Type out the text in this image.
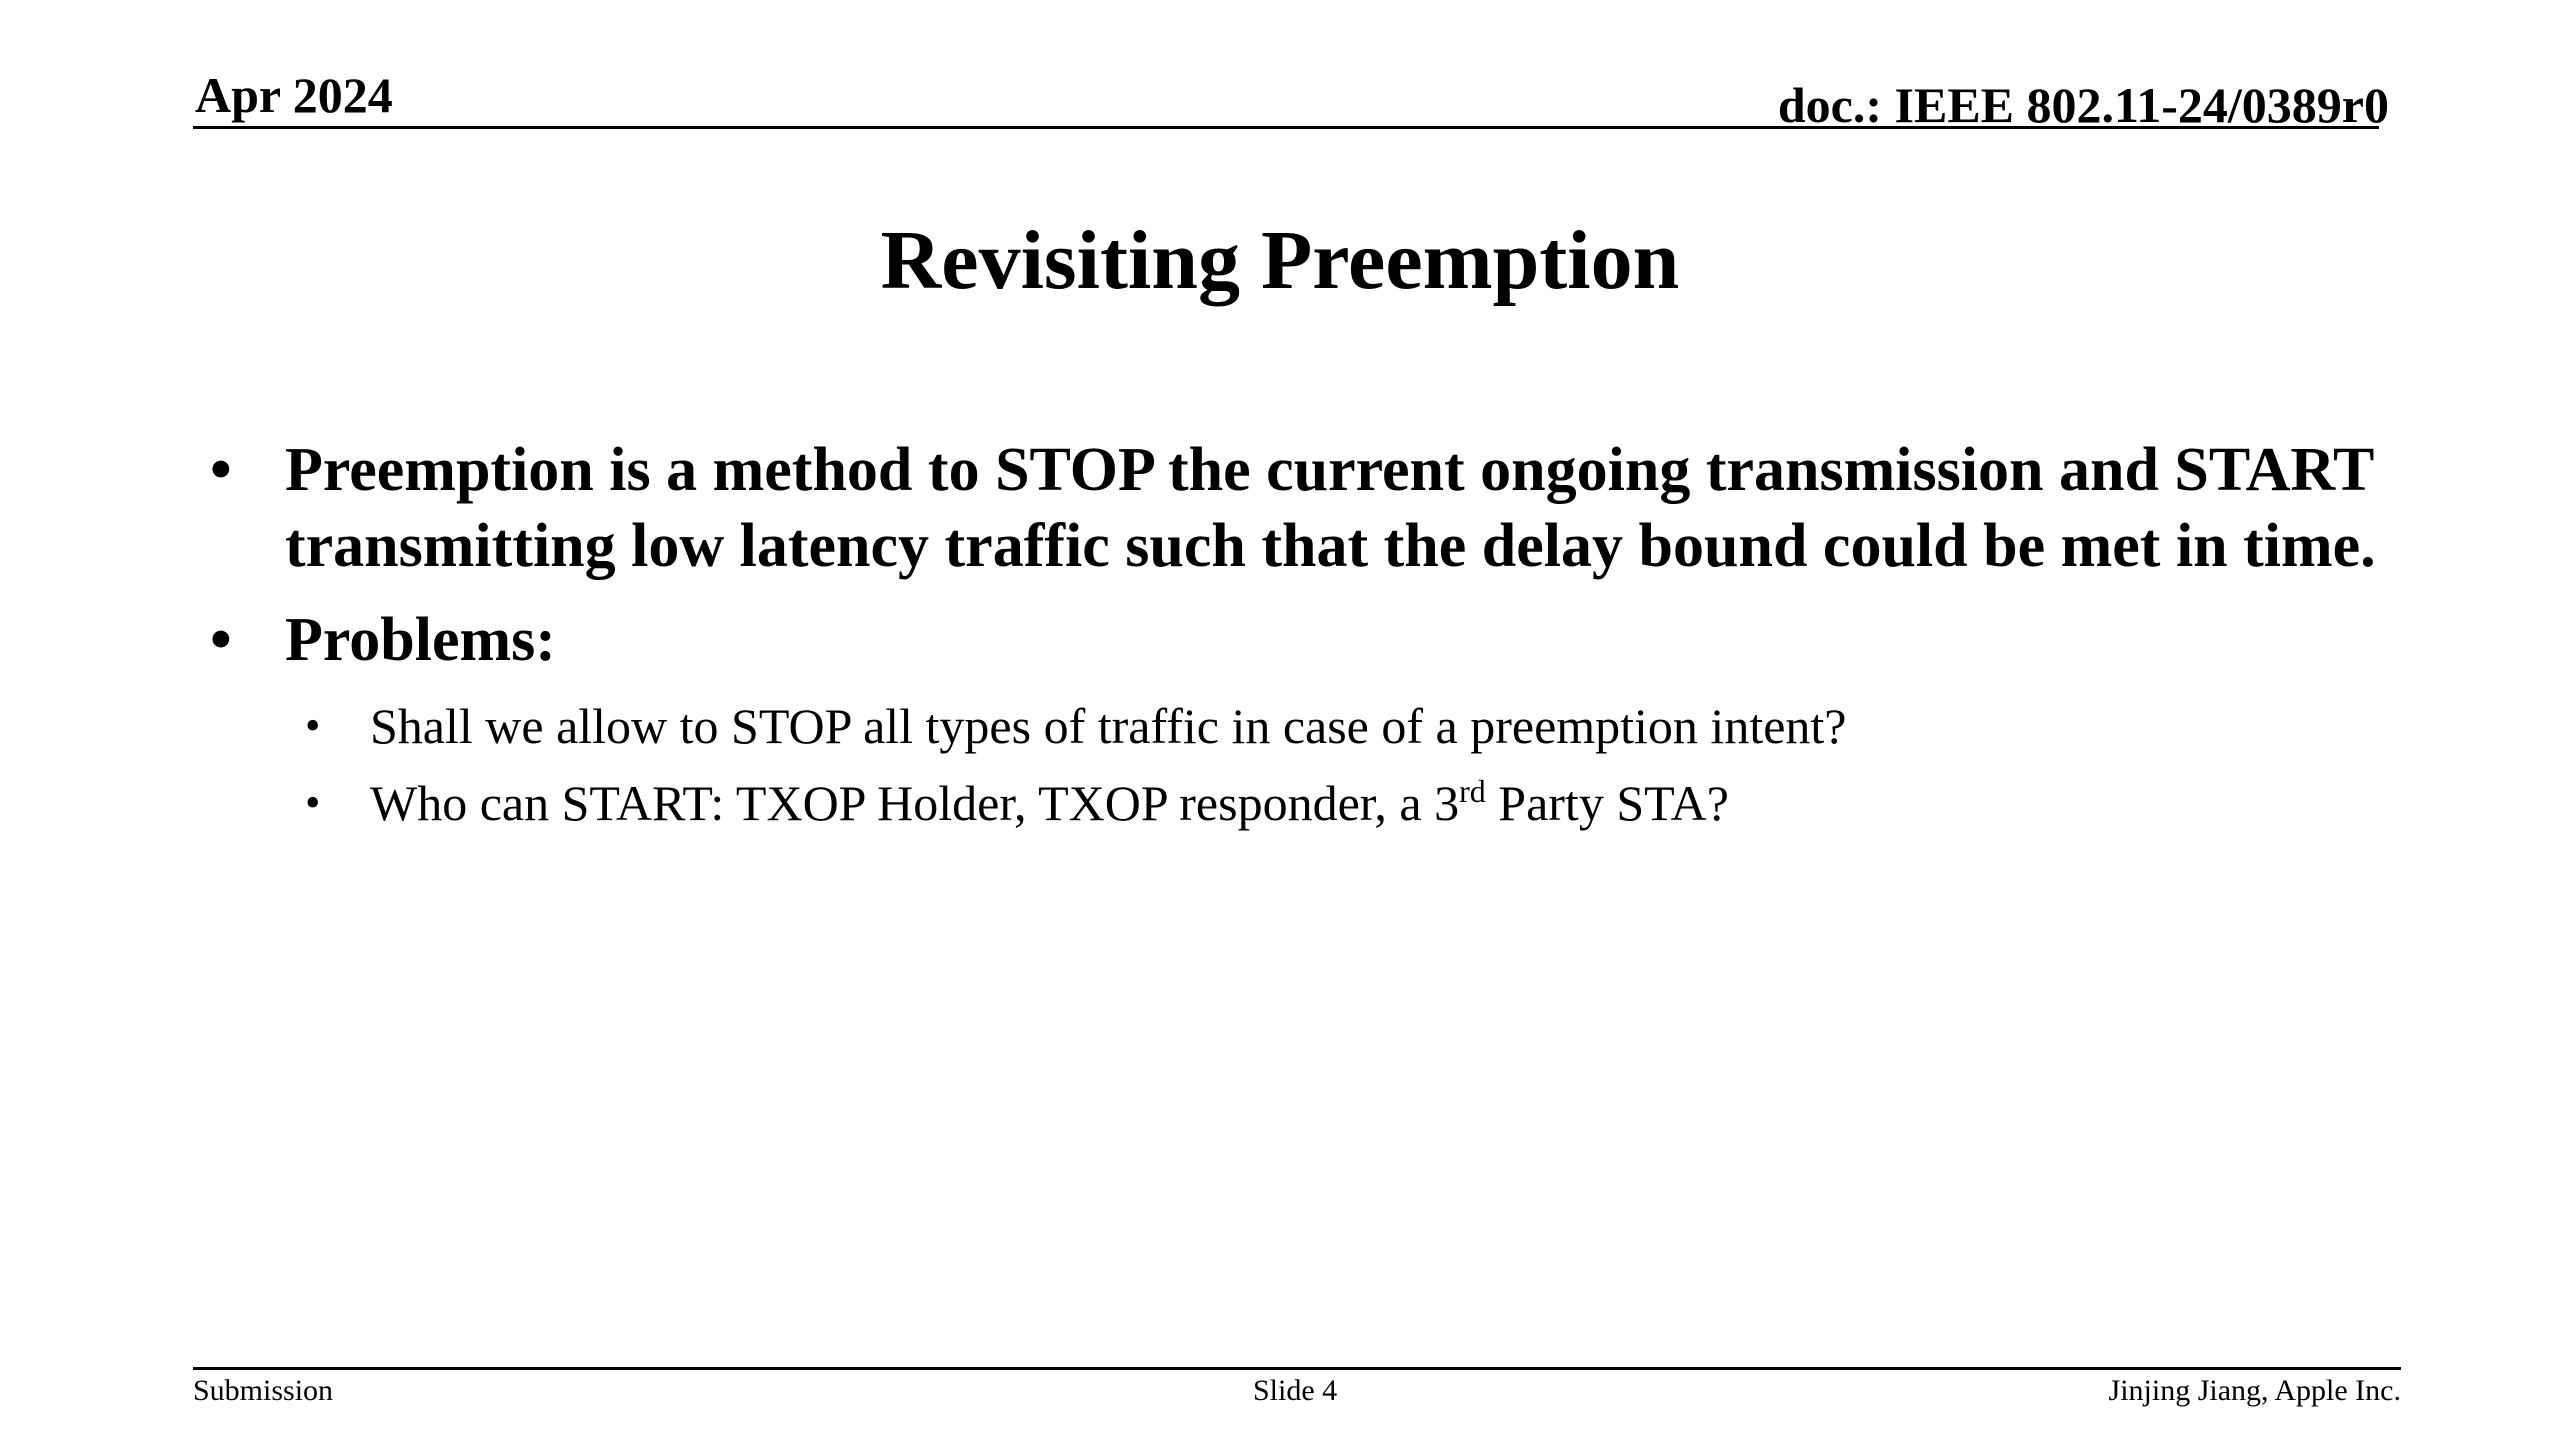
Apr 2024	doc.: IEEE 802.11-24/0389r0
Revisiting Preemption
• Preemption is a method to STOP the current ongoing transmission and START transmitting low latency traffic such that the delay bound could be met in time.
• Problems:
• Shall we allow to STOP all types of traffic in case of a preemption intent?
• Who can START: TXOP Holder, TXOP responder, a 3rd Party STA?
Submission	Slide 4	Jinjing Jiang, Apple Inc.
